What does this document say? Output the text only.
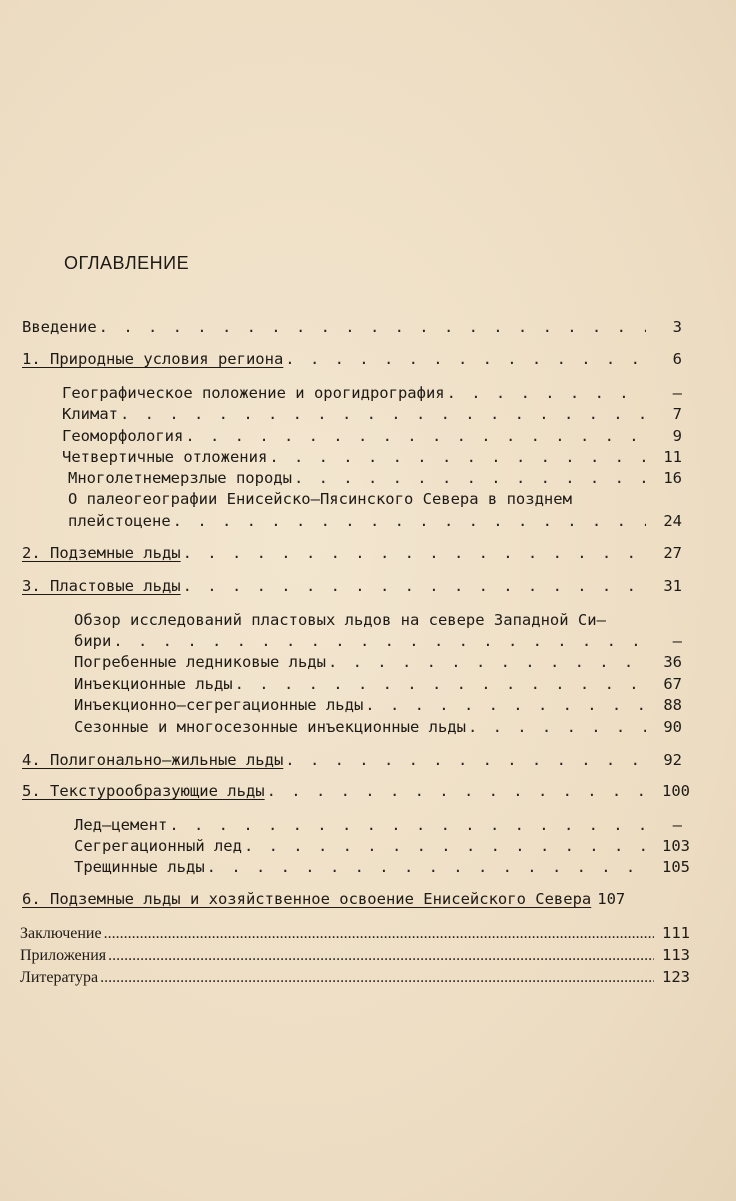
ОГЛАВЛЕНИЕ
Введение . . .	3
1. Природные условия региона . . .	6
Географическое положение и орогидрография . . .	–
Климат . . .	7
Геоморфология . . .	9
Четвертичные отложения . . .	11
Многолетнемерзлые породы . . .	16
О палеогеографии Енисейско–Пясинского Севера в позднем
плейстоцене . . .	24
2. Подземные льды . . .	27
3. Пластовые льды . . .	31
Обзор исследований пластовых льдов на севере Западной Си–
бири . . .	–
Погребенные ледниковые льды . . .	36
Инъекционные льды . . .	67
Инъекционно–сегрегационные льды . . .	88
Сезонные и многосезонные инъекционные льды . . .	90
4. Полигонально–жильные льды . . .	92
5. Текстурообразующие льды . . .	100
Лед–цемент . . .	–
Сегрегационный лед . . .	103
Трещинные льды . . .	105
6. Подземные льды и хозяйственное освоение Енисейского Севера 107
Заключение .....	111
Приложения .....	113
Литература .....	123
